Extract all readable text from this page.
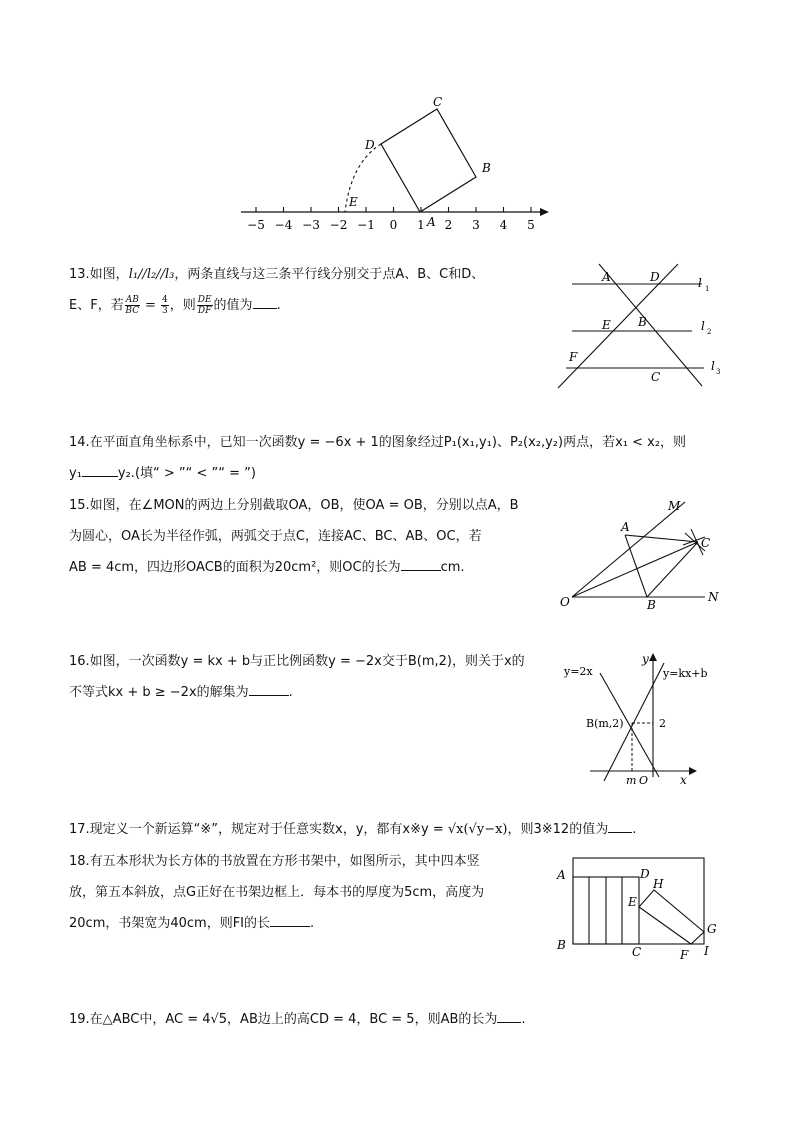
−5 −4 −3 −2 −1 0 1 2 3 4 5
C
D
B
E
A
13.如图，l₁//l₂//l₃，两条直线与这三条平行线分别交于点A、B、C和D、
E、F，若 $\frac{AB}{BC} = \frac{4}{3}$ ，则 $\frac{DE}{DF}$ 的值为 .
A	D
E B
F
C
l 1
l 2
l 3
14.在平面直角坐标系中，已知一次函数y = −6x + 1的图象经过P₁(x₁,y₁)、P₂(x₂,y₂)两点，若x₁ < x₂，则
y₁	y₂.(填“ > ”“ < ”“ = ”)
15.如图，在∠MON的两边上分别截取OA，OB，使OA = OB，分别以点A，B
为圆心，OA长为半径作弧，两弧交于点C，连接AC、BC、AB、OC，若
AB = 4cm，四边形OACB的面积为20cm²，则OC的长为	cm.
M
A
C
O	B
N
16.如图，一次函数y = kx + b与正比例函数y = −2x交于B(m,2)，则关于x的
不等式kx + b ≥ −2x的解集为	.
y
y=2x	y=kx+b
B(m,2)	2
m O	x
17.现定义一个新运算“※”，规定对于任意实数x，y，都有x※y = √x(√y−x)，则3※12的值为 .
18.有五本形状为长方体的书放置在方形书架中，如图所示，其中四本竖
放，第五本斜放，点G正好在书架边框上．每本书的厚度为5cm，高度为
20cm，书架宽为40cm，则FI的长	.
A	D
H
E
G
B	C	F I
19.在△ABC中，AC = 4√5，AB边上的高CD = 4，BC = 5，则AB的长为 .
